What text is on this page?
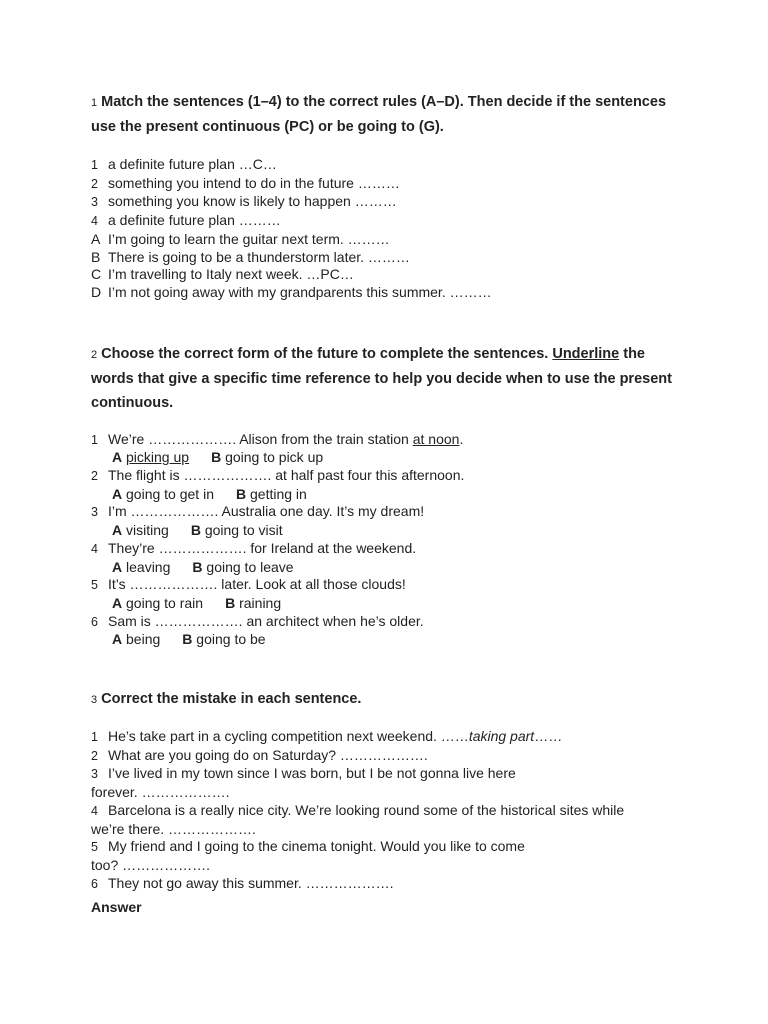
1 Match the sentences (1–4) to the correct rules (A–D). Then decide if the sentences use the present continuous (PC) or be going to (G).
1 a definite future plan …C…
2 something you intend to do in the future ………
3 something you know is likely to happen ………
4 a definite future plan ………
A I’m going to learn the guitar next term. ………
B There is going to be a thunderstorm later. ………
C I’m travelling to Italy next week. …PC…
D I’m not going away with my grandparents this summer. ………
2 Choose the correct form of the future to complete the sentences. Underline the words that give a specific time reference to help you decide when to use the present continuous.
1 We’re ………………. Alison from the train station at noon.
A picking up B going to pick up
2 The flight is ………………. at half past four this afternoon.
A going to get in B getting in
3 I’m ………………. Australia one day. It’s my dream!
A visiting B going to visit
4 They’re ………………. for Ireland at the weekend.
A leaving B going to leave
5 It’s ………………. later. Look at all those clouds!
A going to rain B raining
6 Sam is ………………. an architect when he’s older.
A being B going to be
3 Correct the mistake in each sentence.
1 He’s take part in a cycling competition next weekend. ……taking part……
2 What are you going do on Saturday? ……………….
3 I’ve lived in my town since I was born, but I be not gonna live here
forever. ……………….
4 Barcelona is a really nice city. We’re looking round some of the historical sites while
we’re there. ……………….
5 My friend and I going to the cinema tonight. Would you like to come
too? ……………….
6 They not go away this summer. ……………….
Answer
